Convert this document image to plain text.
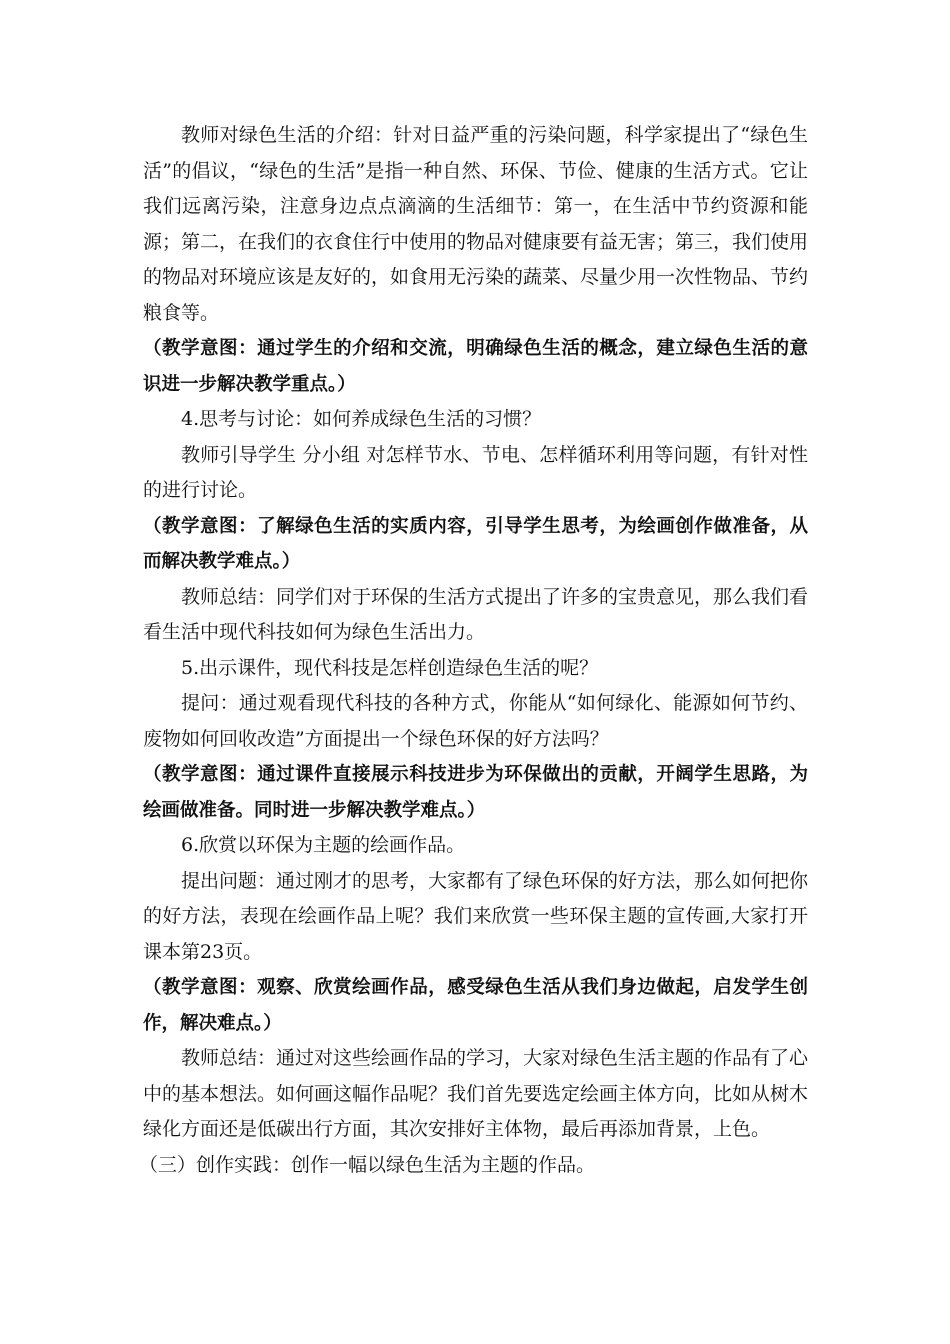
教师对绿色生活的介绍：针对日益严重的污染问题，科学家提出了“绿色生活”的倡议，“绿色的生活”是指一种自然、环保、节俭、健康的生活方式。它让我们远离污染，注意身边点点滴滴的生活细节：第一，在生活中节约资源和能源；第二，在我们的衣食住行中使用的物品对健康要有益无害；第三，我们使用的物品对环境应该是友好的，如食用无污染的蔬菜、尽量少用一次性物品、节约粮食等。

（教学意图：通过学生的介绍和交流，明确绿色生活的概念，建立绿色生活的意识进一步解决教学重点。）

4.思考与讨论：如何养成绿色生活的习惯？

教师引导学生 分小组 对怎样节水、节电、怎样循环利用等问题，有针对性的进行讨论。

（教学意图：了解绿色生活的实质内容，引导学生思考，为绘画创作做准备，从而解决教学难点。）

教师总结：同学们对于环保的生活方式提出了许多的宝贵意见，那么我们看看生活中现代科技如何为绿色生活出力。

5.出示课件，现代科技是怎样创造绿色生活的呢？

提问：通过观看现代科技的各种方式，你能从“如何绿化、能源如何节约、废物如何回收改造”方面提出一个绿色环保的好方法吗？

（教学意图：通过课件直接展示科技进步为环保做出的贡献，开阔学生思路，为绘画做准备。同时进一步解决教学难点。）

6.欣赏以环保为主题的绘画作品。

提出问题：通过刚才的思考，大家都有了绿色环保的好方法，那么如何把你的好方法，表现在绘画作品上呢？我们来欣赏一些环保主题的宣传画,大家打开课本第23页。

（教学意图：观察、欣赏绘画作品，感受绿色生活从我们身边做起，启发学生创作，解决难点。）

教师总结：通过对这些绘画作品的学习，大家对绿色生活主题的作品有了心中的基本想法。如何画这幅作品呢？我们首先要选定绘画主体方向，比如从树木绿化方面还是低碳出行方面，其次安排好主体物，最后再添加背景，上色。

（三）创作实践：创作一幅以绿色生活为主题的作品。
